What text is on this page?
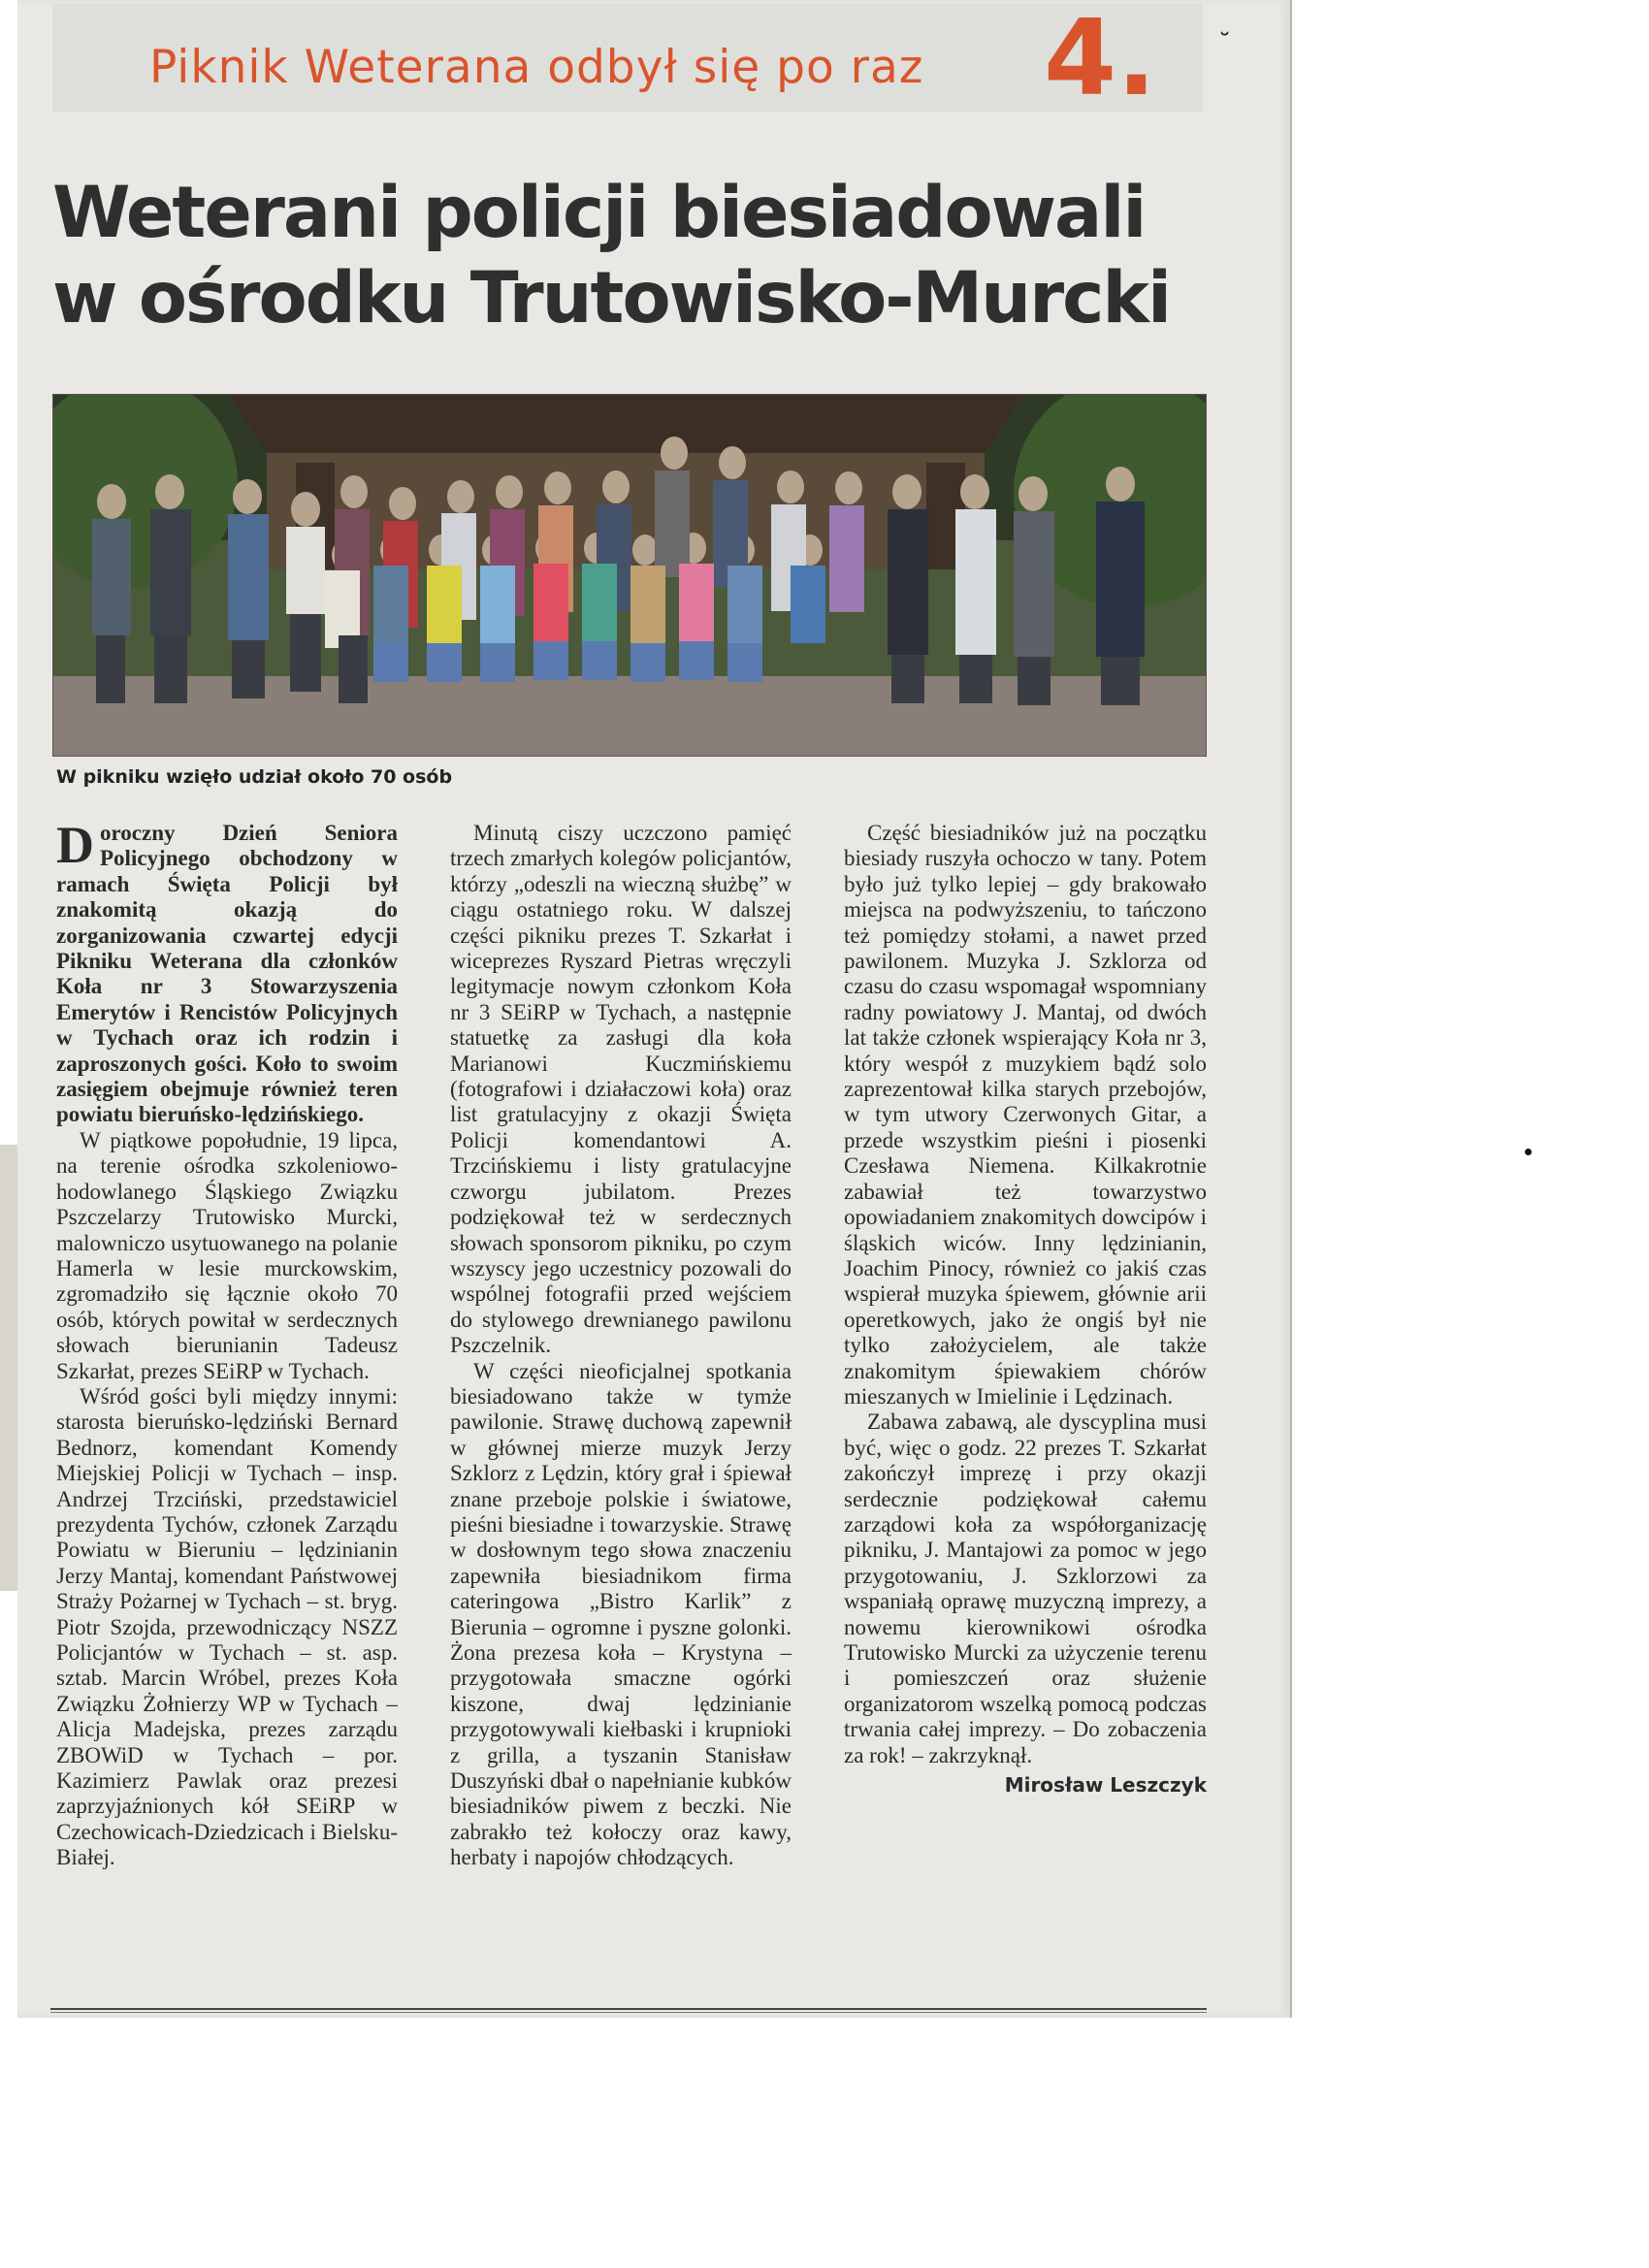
Piknik Weterana odbył się po raz 4. ˘
Weterani policji biesiadowali
w ośrodku Trutowisko-Murcki
W pikniku wzięło udział około 70 osób

Doroczny Dzień Seniora Policyjnego obchodzony w ramach Święta Policji był znakomitą okazją do zorganizowania czwartej edycji Pikniku Weterana dla członków Koła nr 3 Stowarzyszenia Emerytów i Rencistów Policyjnych w Tychach oraz ich rodzin i zaproszonych gości. Koło to swoim zasięgiem obejmuje również teren powiatu bieruńsko-lędzińskiego.

W piątkowe popołudnie, 19 lipca, na terenie ośrodka szkoleniowo-hodowlanego Śląskiego Związku Pszczelarzy Trutowisko Murcki, malowniczo usytuowanego na polanie Hamerla w lesie murckowskim, zgromadziło się łącznie około 70 osób, których powitał w serdecznych słowach bierunianin Tadeusz Szkarłat, prezes SEiRP w Tychach.

Wśród gości byli między innymi: starosta bieruńsko-lędziński Bernard Bednorz, komendant Komendy Miejskiej Policji w Tychach – insp. Andrzej Trzciński, przedstawiciel prezydenta Tychów, członek Zarządu Powiatu w Bieruniu – lędzinianin Jerzy Mantaj, komendant Państwowej Straży Pożarnej w Tychach – st. bryg. Piotr Szojda, przewodniczący NSZZ Policjantów w Tychach – st. asp. sztab. Marcin Wróbel, prezes Koła Związku Żołnierzy WP w Tychach – Alicja Madejska, prezes zarządu ZBOWiD w Tychach – por. Kazimierz Pawlak oraz prezesi zaprzyjaźnionych kół SEiRP w Czechowicach-Dziedzicach i Bielsku-Białej.

Minutą ciszy uczczono pamięć trzech zmarłych kolegów policjantów, którzy „odeszli na wieczną służbę” w ciągu ostatniego roku. W dalszej części pikniku prezes T. Szkarłat i wiceprezes Ryszard Pietras wręczyli legitymacje nowym członkom Koła nr 3 SEiRP w Tychach, a następnie statuetkę za zasługi dla koła Marianowi Kuczmińskiemu (fotografowi i działaczowi koła) oraz list gratulacyjny z okazji Święta Policji komendantowi A. Trzcińskiemu i listy gratulacyjne czworgu jubilatom. Prezes podziękował też w serdecznych słowach sponsorom pikniku, po czym wszyscy jego uczestnicy pozowali do wspólnej fotografii przed wejściem do stylowego drewnianego pawilonu Pszczelnik.

W części nieoficjalnej spotkania biesiadowano także w tymże pawilonie. Strawę duchową zapewnił w głównej mierze muzyk Jerzy Szklorz z Lędzin, który grał i śpiewał znane przeboje polskie i światowe, pieśni biesiadne i towarzyskie. Strawę w dosłownym tego słowa znaczeniu zapewniła biesiadnikom firma cateringowa „Bistro Karlik” z Bierunia – ogromne i pyszne golonki. Żona prezesa koła – Krystyna – przygotowała smaczne ogórki kiszone, dwaj lędzinianie przygotowywali kiełbaski i krupnioki z grilla, a tyszanin Stanisław Duszyński dbał o napełnianie kubków biesiadników piwem z beczki. Nie zabrakło też kołoczy oraz kawy, herbaty i napojów chłodzących.

Część biesiadników już na początku biesiady ruszyła ochoczo w tany. Potem było już tylko lepiej – gdy brakowało miejsca na podwyższeniu, to tańczono też pomiędzy stołami, a nawet przed pawilonem. Muzyka J. Szklorza od czasu do czasu wspomagał wspomniany radny powiatowy J. Mantaj, od dwóch lat także członek wspierający Koła nr 3, który wespół z muzykiem bądź solo zaprezentował kilka starych przebojów, w tym utwory Czerwonych Gitar, a przede wszystkim pieśni i piosenki Czesława Niemena. Kilkakrotnie zabawiał też towarzystwo opowiadaniem znakomitych dowcipów i śląskich wiców. Inny lędzinianin, Joachim Pinocy, również co jakiś czas wspierał muzyka śpiewem, głównie arii operetkowych, jako że ongiś był nie tylko założycielem, ale także znakomitym śpiewakiem chórów mieszanych w Imielinie i Lędzinach.

Zabawa zabawą, ale dyscyplina musi być, więc o godz. 22 prezes T. Szkarłat zakończył imprezę i przy okazji serdecznie podziękował całemu zarządowi koła za współorganizację pikniku, J. Mantajowi za pomoc w jego przygotowaniu, J. Szklorzowi za wspaniałą oprawę muzyczną imprezy, a nowemu kierownikowi ośrodka Trutowisko Murcki za użyczenie terenu i pomieszczeń oraz służenie organizatorom wszelką pomocą podczas trwania całej imprezy. – Do zobaczenia za rok! – zakrzyknął.

Mirosław Leszczyk
